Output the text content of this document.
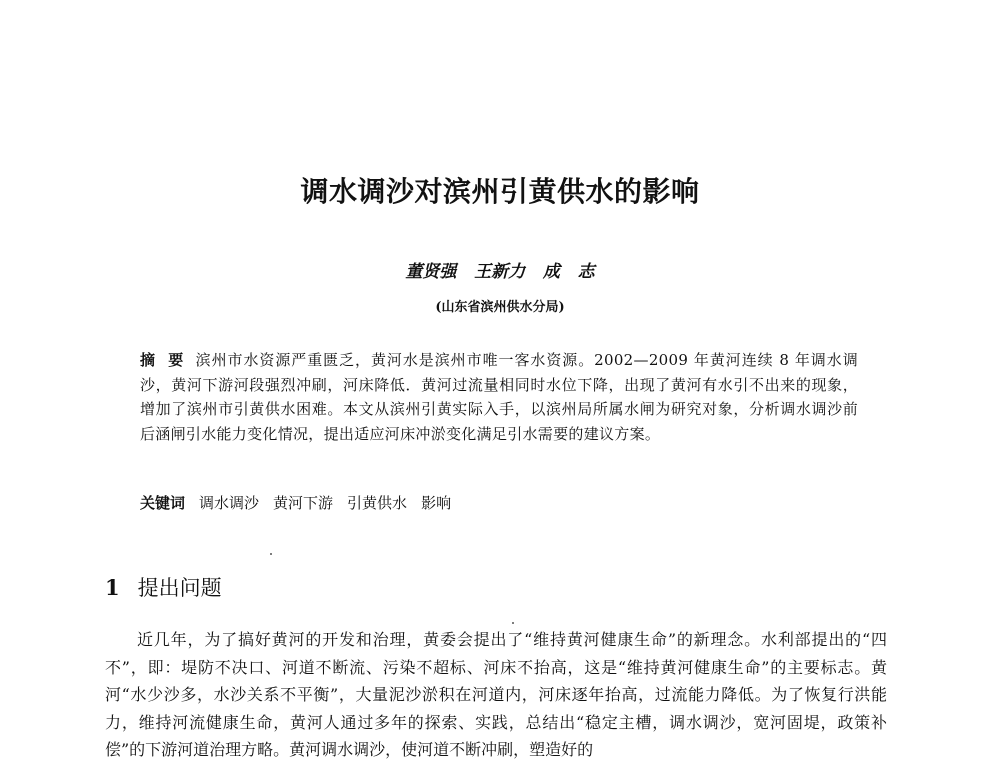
调水调沙对滨州引黄供水的影响

董贤强   王新力   成   志

(山东省滨州供水分局)

摘  要 滨州市水资源严重匮乏，黄河水是滨州市唯一客水资源。2002—2009 年黄河连续 8 年调水调沙，黄河下游河段强烈冲刷，河床降低．黄河过流量相同时水位下降，出现了黄河有水引不出来的现象，增加了滨州市引黄供水困难。本文从滨州引黄实际入手，以滨州局所属水闸为研究对象，分析调水调沙前后涵闸引水能力变化情况，提出适应河床冲淤变化满足引水需要的建议方案。

关键词 调水调沙 黄河下游 引黄供水 影响

1 提出问题

近几年，为了搞好黄河的开发和治理，黄委会提出了“维持黄河健康生命”的新理念。水利部提出的“四不”，即：堤防不决口、河道不断流、污染不超标、河床不抬高，这是“维持黄河健康生命”的主要标志。黄河“水少沙多，水沙关系不平衡”，大量泥沙淤积在河道内，河床逐年抬高，过流能力降低。为了恢复行洪能力，维持河流健康生命，黄河人通过多年的探索、实践，总结出“稳定主槽，调水调沙，宽河固堤，政策补偿”的下游河道治理方略。黄河调水调沙，使河道不断冲刷，塑造好的
